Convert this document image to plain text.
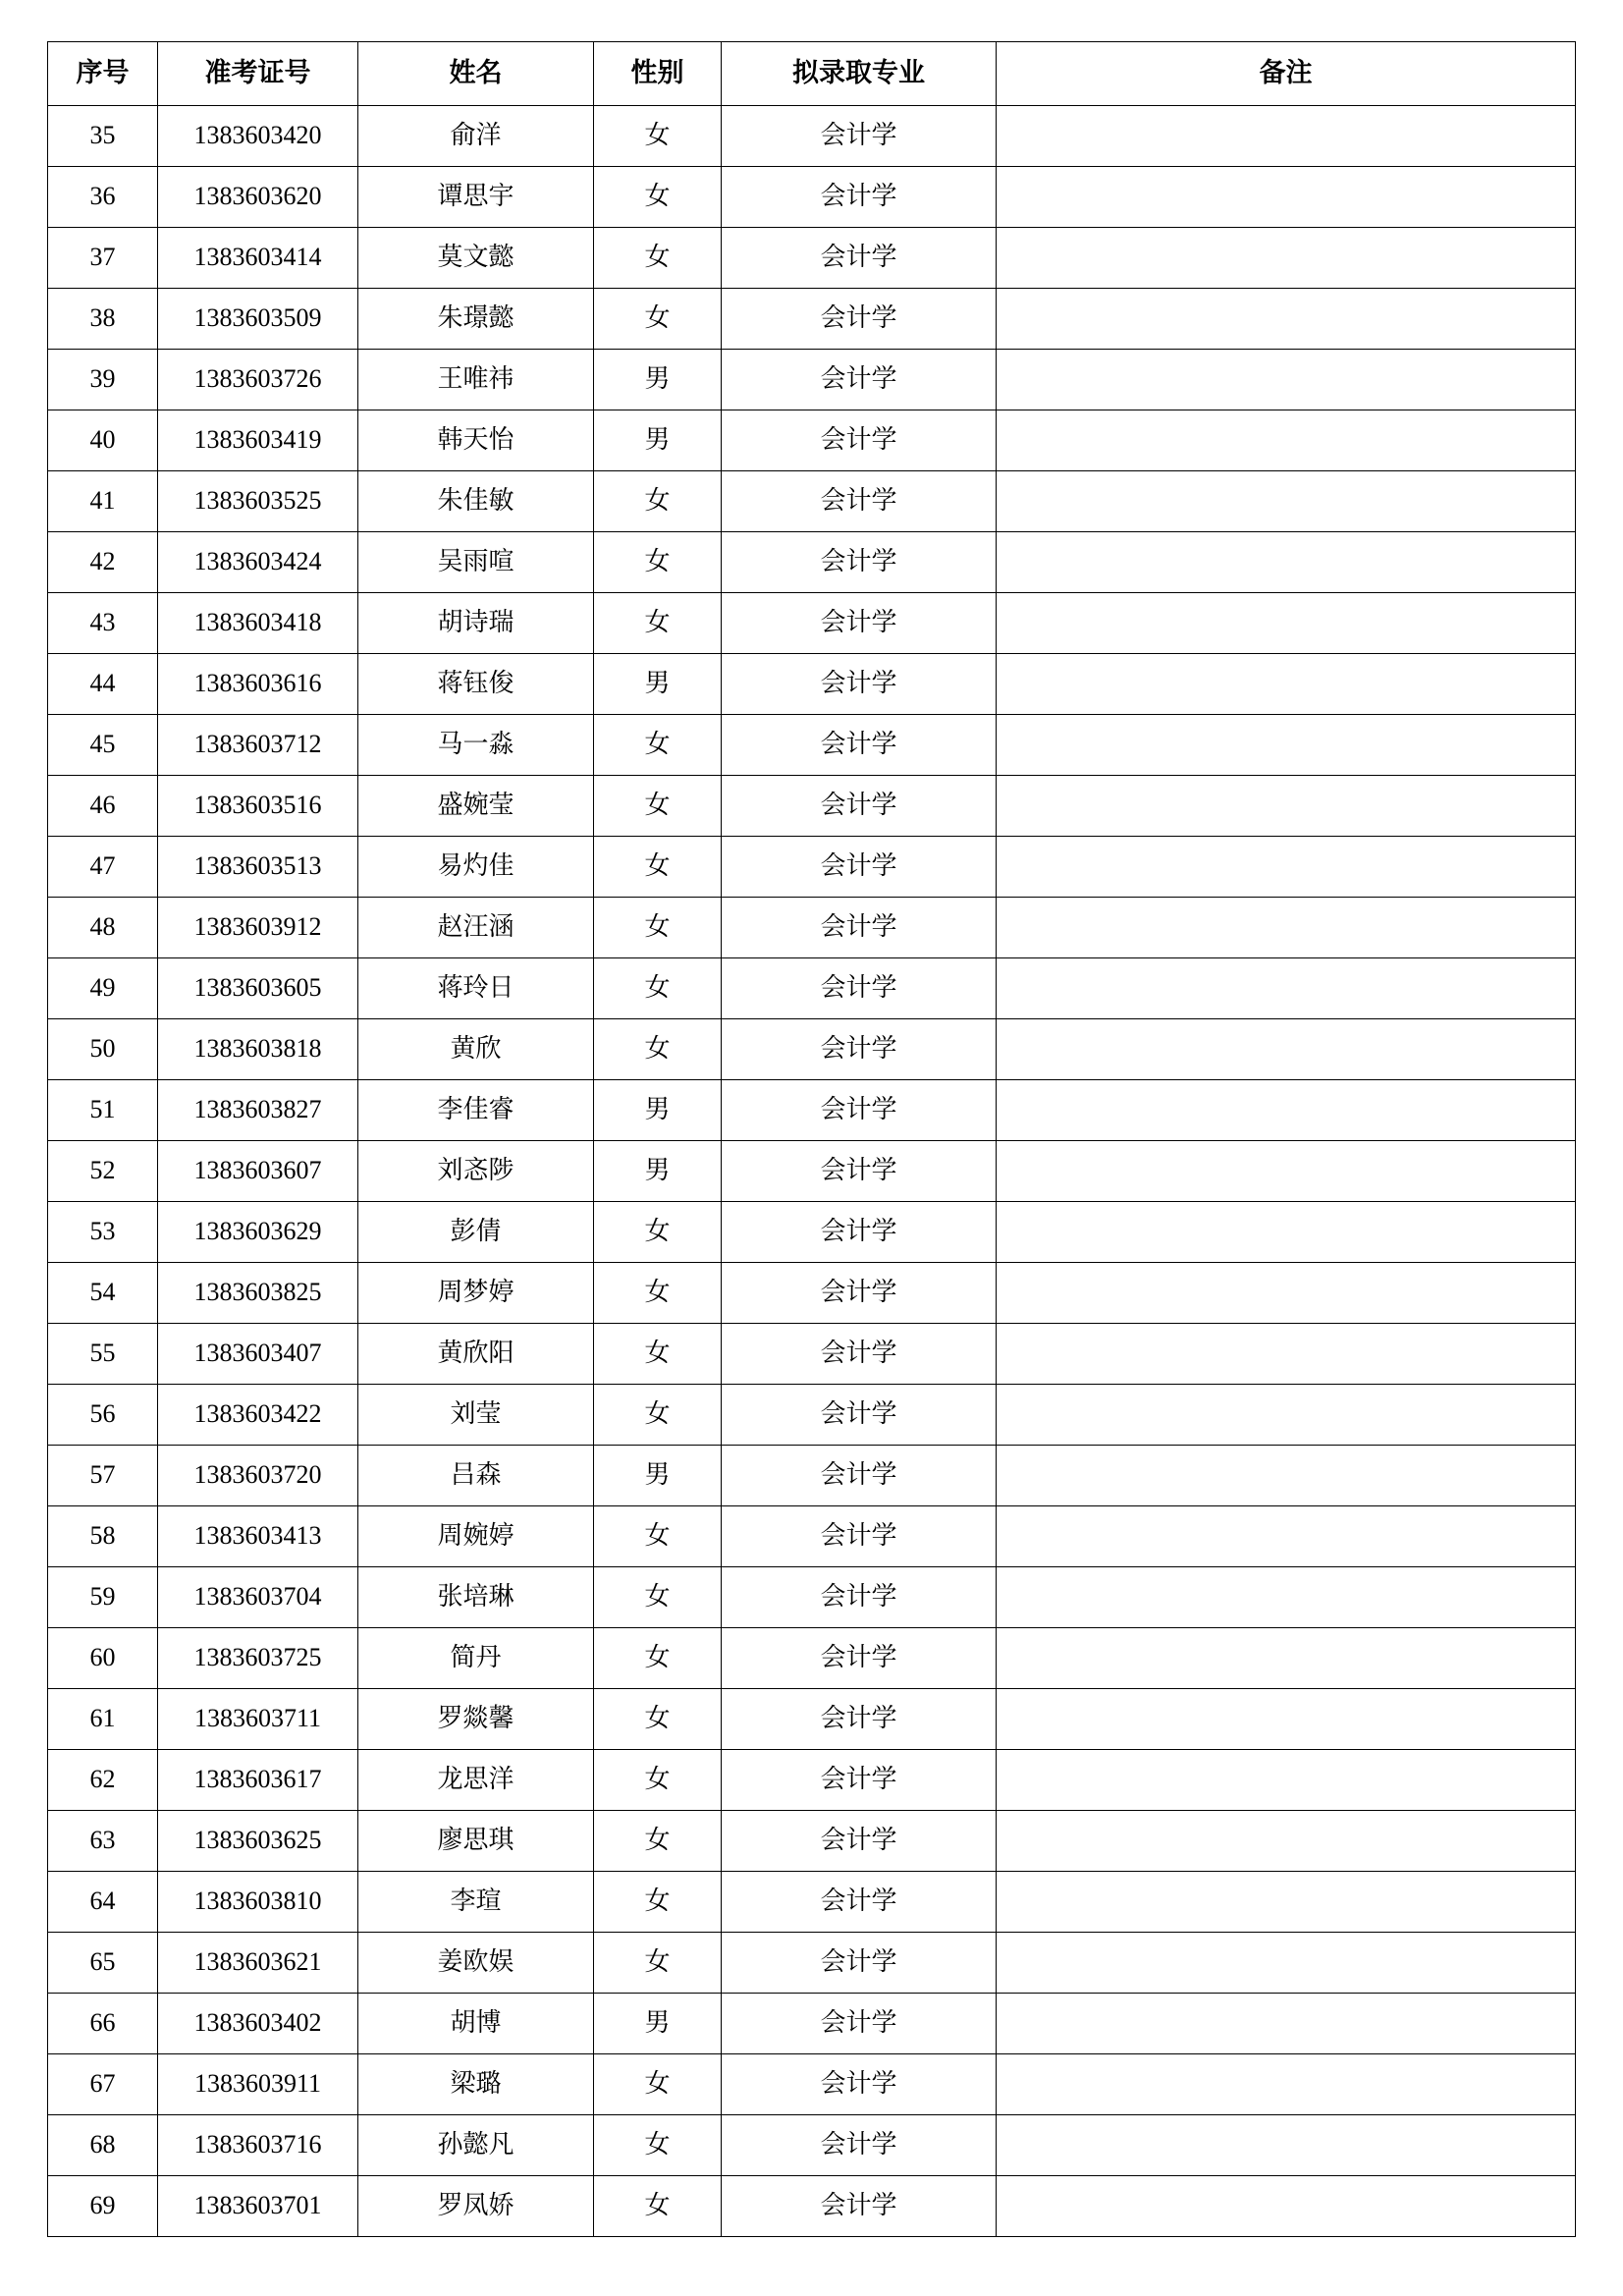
序号	准考证号	姓名	性别	拟录取专业	备注
35	1383603420	俞洋	女	会计学	
36	1383603620	谭思宇	女	会计学	
37	1383603414	莫文懿	女	会计学	
38	1383603509	朱璟懿	女	会计学	
39	1383603726	王唯祎	男	会计学	
40	1383603419	韩天怡	男	会计学	
41	1383603525	朱佳敏	女	会计学	
42	1383603424	吴雨喧	女	会计学	
43	1383603418	胡诗瑞	女	会计学	
44	1383603616	蒋钰俊	男	会计学	
45	1383603712	马一淼	女	会计学	
46	1383603516	盛婉莹	女	会计学	
47	1383603513	易灼佳	女	会计学	
48	1383603912	赵汪涵	女	会计学	
49	1383603605	蒋玲日	女	会计学	
50	1383603818	黄欣	女	会计学	
51	1383603827	李佳睿	男	会计学	
52	1383603607	刘忞陟	男	会计学	
53	1383603629	彭倩	女	会计学	
54	1383603825	周梦婷	女	会计学	
55	1383603407	黄欣阳	女	会计学	
56	1383603422	刘莹	女	会计学	
57	1383603720	吕森	男	会计学	
58	1383603413	周婉婷	女	会计学	
59	1383603704	张培琳	女	会计学	
60	1383603725	简丹	女	会计学	
61	1383603711	罗燚馨	女	会计学	
62	1383603617	龙思洋	女	会计学	
63	1383603625	廖思琪	女	会计学	
64	1383603810	李瑄	女	会计学	
65	1383603621	姜欧娱	女	会计学	
66	1383603402	胡博	男	会计学	
67	1383603911	梁璐	女	会计学	
68	1383603716	孙懿凡	女	会计学	
69	1383603701	罗凤娇	女	会计学	
